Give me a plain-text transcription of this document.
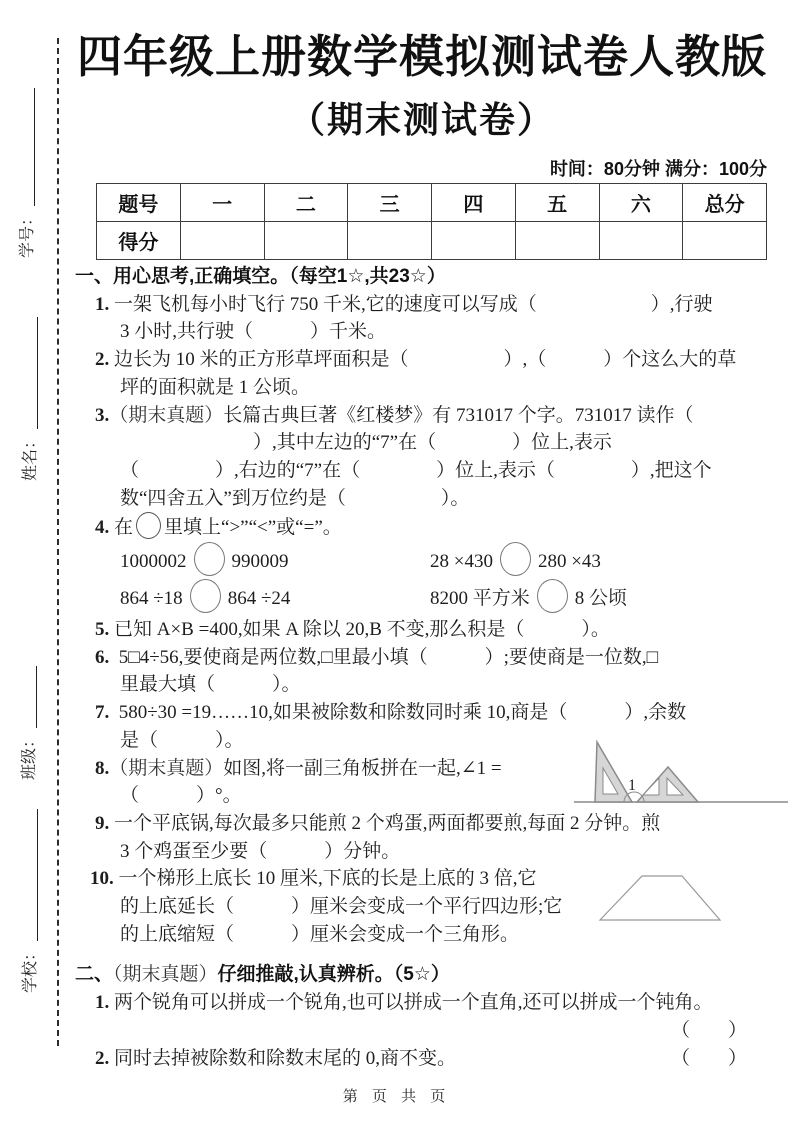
学号：
姓名：
班级：
学校：
四年级上册数学模拟测试卷人教版
（期末测试卷）
时间：80分钟 满分：100分
题号	一	二	三	四	五	六	总分
得分							
一、用心思考,正确填空。（每空1☆,共23☆）
1. 一架飞机每小时飞行 750 千米,它的速度可以写成（　　　　　　）,行驶
3 小时,共行驶（　　　）千米。
2. 边长为 10 米的正方形草坪面积是（　　　　　）,（　　　）个这么大的草
坪的面积就是 1 公顷。
3.（期末真题）长篇古典巨著《红楼梦》有 731017 个字。731017 读作（
　　　　　　　）,其中左边的“7”在（　　　　）位上,表示
（　　　　）,右边的“7”在（　　　　）位上,表示（　　　　）,把这个
数“四舍五入”到万位约是（　　　　　）。
4. 在 里填上“>”“<”或“=”。
1000002 990009	28 ×430 280 ×43
864 ÷18 864 ÷24	8200 平方米 8 公顷
5. 已知 A×B =400,如果 A 除以 20,B 不变,那么积是（　　　）。
6.  5□4÷56,要使商是两位数,□里最小填（　　　）;要使商是一位数,□
里最大填（　　　）。
7.  580÷30 =19……10,如果被除数和除数同时乘 10,商是（　　　）,余数
是（　　　）。
8.（期末真题）如图,将一副三角板拼在一起,∠1 =
（　　　）°。
9. 一个平底锅,每次最多只能煎 2 个鸡蛋,两面都要煎,每面 2 分钟。煎
3 个鸡蛋至少要（　　　）分钟。
10. 一个梯形上底长 10 厘米,下底的长是上底的 3 倍,它
的上底延长（　　　）厘米会变成一个平行四边形;它
的上底缩短（　　　）厘米会变成一个三角形。
二、（期末真题）仔细推敲,认真辨析。（5☆）
1. 两个锐角可以拼成一个锐角,也可以拼成一个直角,还可以拼成一个钝角。
（　　）
2. 同时去掉被除数和除数末尾的 0,商不变。	（　　）
1
第 页 共 页
